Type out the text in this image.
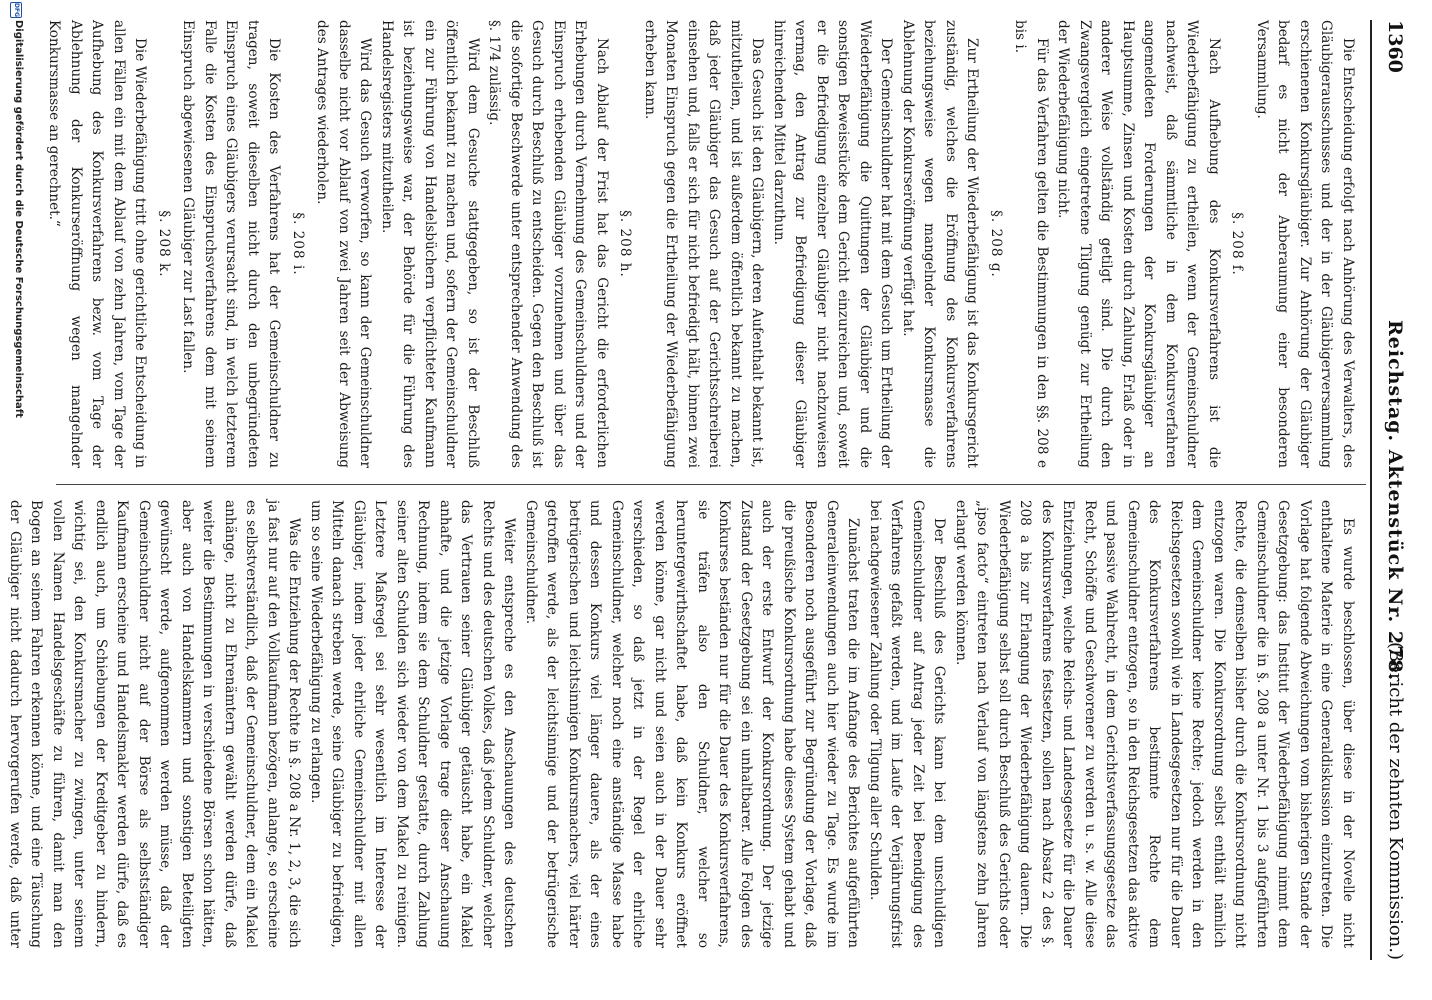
1360
Reichstag. Aktenstück Nr. 278.
(Bericht der zehnten Kommission.)

Die Entscheidung erfolgt nach Anhörung des Verwalters, des Gläubigerausschusses und der in der Gläubigerversammlung erschienenen Konkursgläubiger. Zur Anhörung der Gläubiger bedarf es nicht der Anberaumung einer besonderen Versammlung.

§. 208 f.

Nach Aufhebung des Konkursverfahrens ist die Wiederbefähigung zu ertheilen, wenn der Gemeinschuldner nachweist, daß sämmtliche in dem Konkursverfahren angemeldeten Forderungen der Konkursgläubiger an Hauptsumme, Zinsen und Kosten durch Zahlung, Erlaß oder in anderer Weise vollständig getilgt sind. Die durch den Zwangsvergleich eingetretene Tilgung genügt zur Ertheilung der Wiederbefähigung nicht.

Für das Verfahren gelten die Bestimmungen in den §§. 208 e bis i.

§. 208 g.

Zur Ertheilung der Wiederbefähigung ist das Konkursgericht zuständig, welches die Eröffnung des Konkursverfahrens beziehungsweise wegen mangelnder Konkursmasse die Ablehnung der Konkurseröffnung verfügt hat.

Der Gemeinschuldner hat mit dem Gesuch um Ertheilung der Wiederbefähigung die Quittungen der Gläubiger und die sonstigen Beweisstücke dem Gericht einzureichen und, soweit er die Befriedigung einzelner Gläubiger nicht nachzuweisen vermag, den Antrag zur Befriedigung dieser Gläubiger hinreichenden Mittel darzuthun.

Das Gesuch ist den Gläubigern, deren Aufenthalt bekannt ist, mitzutheilen, und ist außerdem öffentlich bekannt zu machen, daß jeder Gläubiger das Gesuch auf der Gerichtsschreiberei einsehen und, falls er sich für nicht befriedigt hält, binnen zwei Monaten Einspruch gegen die Ertheilung der Wiederbefähigung erheben kann.

§. 208 h.

Nach Ablauf der Frist hat das Gericht die erforderlichen Erhebungen durch Vernehmung des Gemeinschuldners und der Einspruch erhebenden Gläubiger vorzunehmen und über das Gesuch durch Beschluß zu entscheiden. Gegen den Beschluß ist die sofortige Beschwerde unter entsprechender Anwendung des §. 174 zulässig.

Wird dem Gesuche stattgegeben, so ist der Beschluß öffentlich bekannt zu machen und, sofern der Gemeinschuldner ein zur Führung von Handelsbüchern verpflichteter Kaufmann ist beziehungsweise war, der Behörde für die Führung des Handelsregisters mitzutheilen.

Wird das Gesuch verworfen, so kann der Gemeinschuldner dasselbe nicht vor Ablauf von zwei Jahren seit der Abweisung des Antrages wiederholen.

§. 208 i.

Die Kosten des Verfahrens hat der Gemeinschuldner zu tragen, soweit dieselben nicht durch den unbegründeten Einspruch eines Gläubigers verursacht sind, in welch letzterem Falle die Kosten des Einspruchsverfahrens dem mit seinem Einspruch abgewiesenen Gläubiger zur Last fallen.

§. 208 k.

Die Wiederbefähigung tritt ohne gerichtliche Entscheidung in allen Fällen ein mit dem Ablauf von zehn Jahren, vom Tage der Aufhebung des Konkursverfahrens bezw. vom Tage der Ablehnung der Konkurseröffnung wegen mangelnder Konkursmasse an gerechnet.“

Es wurde beschlossen, über diese in der Novelle nicht enthaltene Materie in eine Generaldiskussion einzutreten. Die Vorlage hat folgende Abweichungen vom bisherigen Stande der Gesetzgebung: das Institut der Wiederbefähigung nimmt dem Gemeinschuldner die in §. 208 a unter Nr. 1 bis 3 aufgeführten Rechte, die demselben bisher durch die Konkursordnung nicht entzogen waren. Die Konkursordnung selbst enthält nämlich dem Gemeinschuldner keine Rechte; jedoch werden in den Reichsgesetzen sowohl wie in Landesgesetzen nur für die Dauer des Konkursverfahrens bestimmte Rechte dem Gemeinschuldner entzogen, so in den Reichsgesetzen das aktive und passive Wahlrecht, in dem Gerichtsverfassungsgesetze das Recht, Schöffe und Geschworener zu werden u. s. w. Alle diese Entziehungen, welche Reichs- und Landesgesetze für die Dauer des Konkursverfahrens festsetzen, sollen nach Absatz 2 des §. 208 a bis zur Erlangung der Wiederbefähigung dauern. Die Wiederbefähigung selbst soll durch Beschluß des Gerichts oder „ipso facto“ eintreten nach Verlauf von längstens zehn Jahren erlangt werden können.

Der Beschluß des Gerichts kann bei dem unschuldigen Gemeinschuldner auf Antrag jeder Zeit bei Beendigung des Verfahrens gefaßt werden, und im Laufe der Verjährungsfrist bei nachgewiesener Zahlung oder Tilgung aller Schulden.

Zunächst traten die im Anfange des Berichtes aufgeführten Generaleinwendungen auch hier wieder zu Tage. Es wurde im Besonderen noch ausgeführt zur Begründung der Vorlage, daß die preußische Konkursordnung habe dieses System gehabt und auch der erste Entwurf der Konkursordnung. Der jetzige Zustand der Gesetzgebung sei ein unhaltbarer. Alle Folgen des Konkurses beständen nur für die Dauer des Konkursverfahrens, sie träfen also den Schuldner, welcher so heruntergewirthschaftet habe, daß kein Konkurs eröffnet werden könne, gar nicht und seien auch in der Dauer sehr verschieden, so daß jetzt in der Regel der ehrliche Gemeinschuldner, welcher noch eine anständige Masse habe und dessen Konkurs viel länger dauere, als der eines betrügerischen und leichtsinnigen Konkursmachers, viel härter getroffen werde, als der leichtsinnige und der betrügerische Gemeinschuldner.

Weiter entspreche es den Anschauungen des deutschen Rechts und des deutschen Volkes, daß jedem Schuldner, welcher das Vertrauen seiner Gläubiger getäuscht habe, ein Makel anhafte, und die jetzige Vorlage trage dieser Anschauung Rechnung, indem sie dem Schuldner gestatte, durch Zahlung seiner alten Schulden sich wieder von dem Makel zu reinigen. Letztere Maßregel sei sehr wesentlich im Interesse der Gläubiger, indem jeder ehrliche Gemeinschuldner mit allen Mitteln danach streben werde, seine Gläubiger zu befriedigen, um so seine Wiederbefähigung zu erlangen.

Was die Entziehung der Rechte in §. 208 a Nr. 1, 2, 3, die sich ja fast nur auf den Vollkaufmann bezögen, anlange, so erscheine es selbstverständlich, daß der Gemeinschuldner, dem ein Makel anhänge, nicht zu Ehrenämtern gewählt werden dürfe, daß weiter die Bestimmungen in verschiedene Börsen schon hätten, aber auch von Handelskammern und sonstigen Beteiligten gewünscht werde, aufgenommen werden müsse, daß der Gemeinschuldner nicht auf der Börse als selbstständiger Kaufmann erscheine und Handelsmakler werden dürfe, daß es endlich auch, um Schiebungen der Kreditgeber zu hindern, wichtig sei, den Konkursmacher zu zwingen, unter seinem vollen Namen Handelsgeschäfte zu führen, damit man den Bogen an seinem Fahren erkennen könne, und eine Täuschung der Gläubiger nicht dadurch hervorgerufen werde, daß unter

DFG
Digitalisierung gefördert durch die Deutsche Forschungsgemeinschaft
